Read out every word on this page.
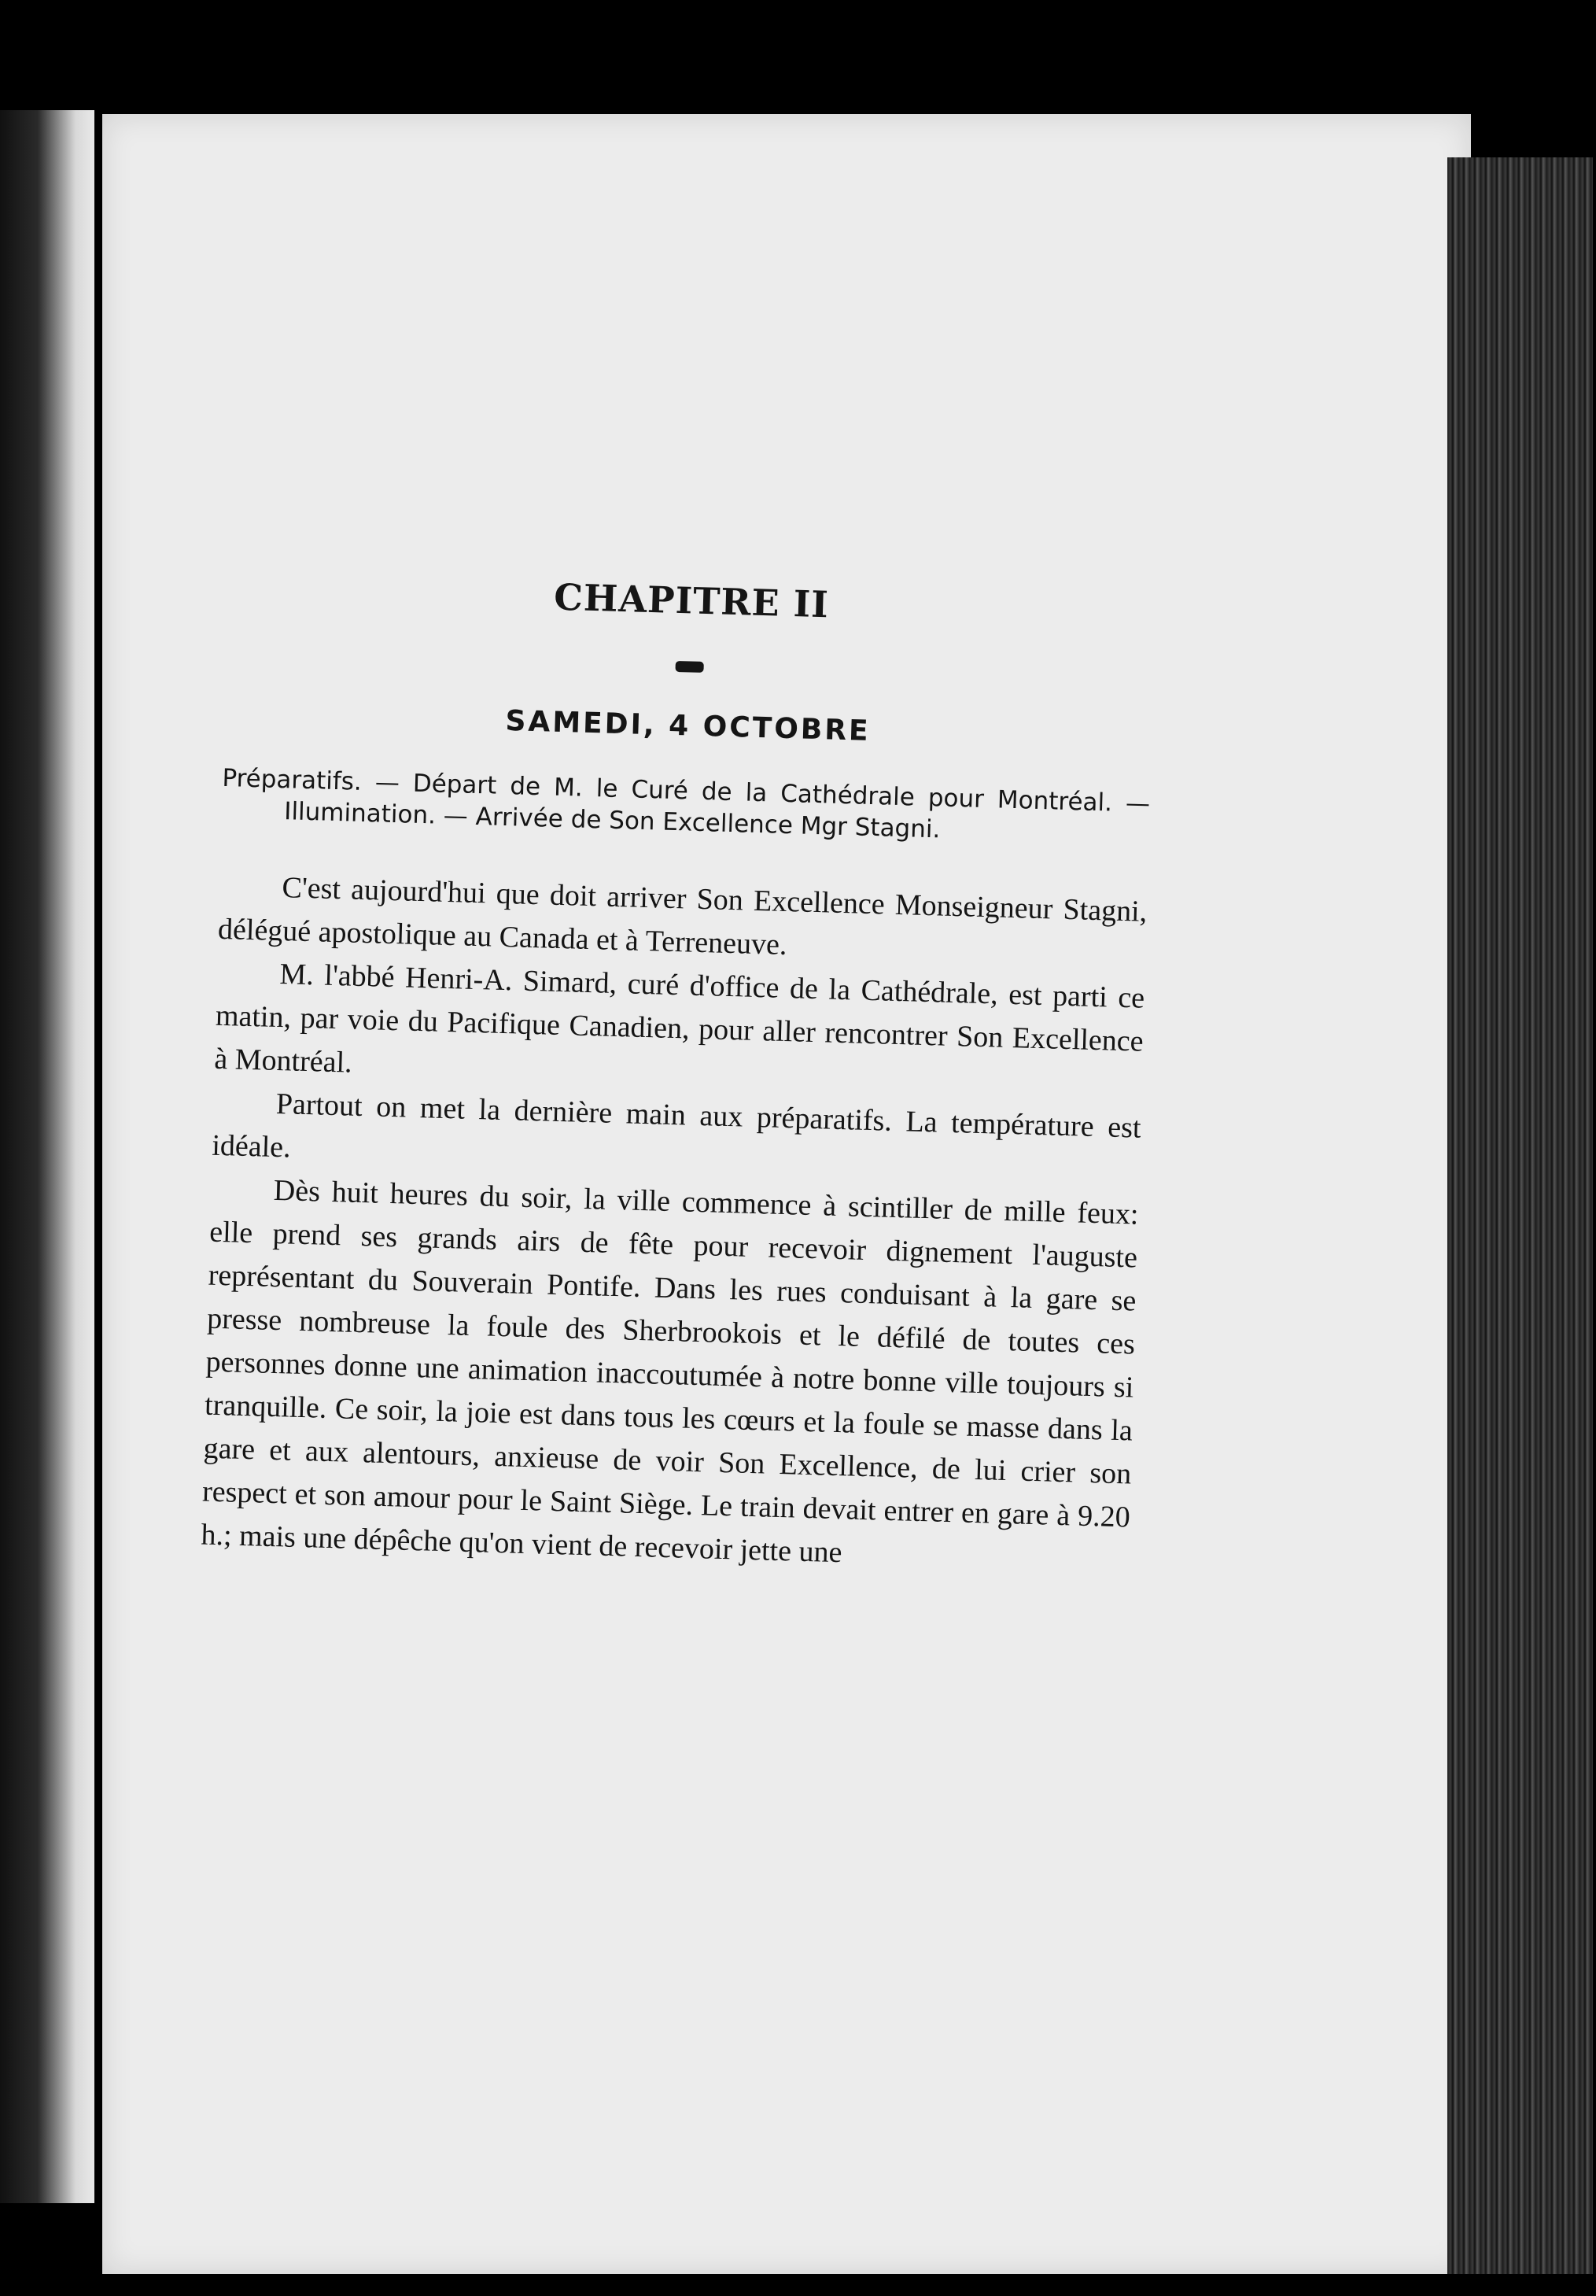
CHAPITRE II
SAMEDI, 4 OCTOBRE

Préparatifs. — Départ de M. le Curé de la Cathédrale pour Montréal. — Illumination. — Arrivée de Son Excellence Mgr Stagni.

C'est aujourd'hui que doit arriver Son Excellence Monseigneur Stagni, délégué apostolique au Canada et à Terreneuve.

M. l'abbé Henri-A. Simard, curé d'office de la Cathédrale, est parti ce matin, par voie du Pacifique Canadien, pour aller rencontrer Son Excellence à Montréal.

Partout on met la dernière main aux préparatifs. La température est idéale.

Dès huit heures du soir, la ville commence à scintiller de mille feux: elle prend ses grands airs de fête pour recevoir dignement l'auguste représentant du Souverain Pontife. Dans les rues conduisant à la gare se presse nombreuse la foule des Sherbrookois et le défilé de toutes ces personnes donne une animation inaccoutumée à notre bonne ville toujours si tranquille. Ce soir, la joie est dans tous les cœurs et la foule se masse dans la gare et aux alentours, anxieuse de voir Son Excellence, de lui crier son respect et son amour pour le Saint Siège. Le train devait entrer en gare à 9.20 h.; mais une dépêche qu'on vient de recevoir jette une
